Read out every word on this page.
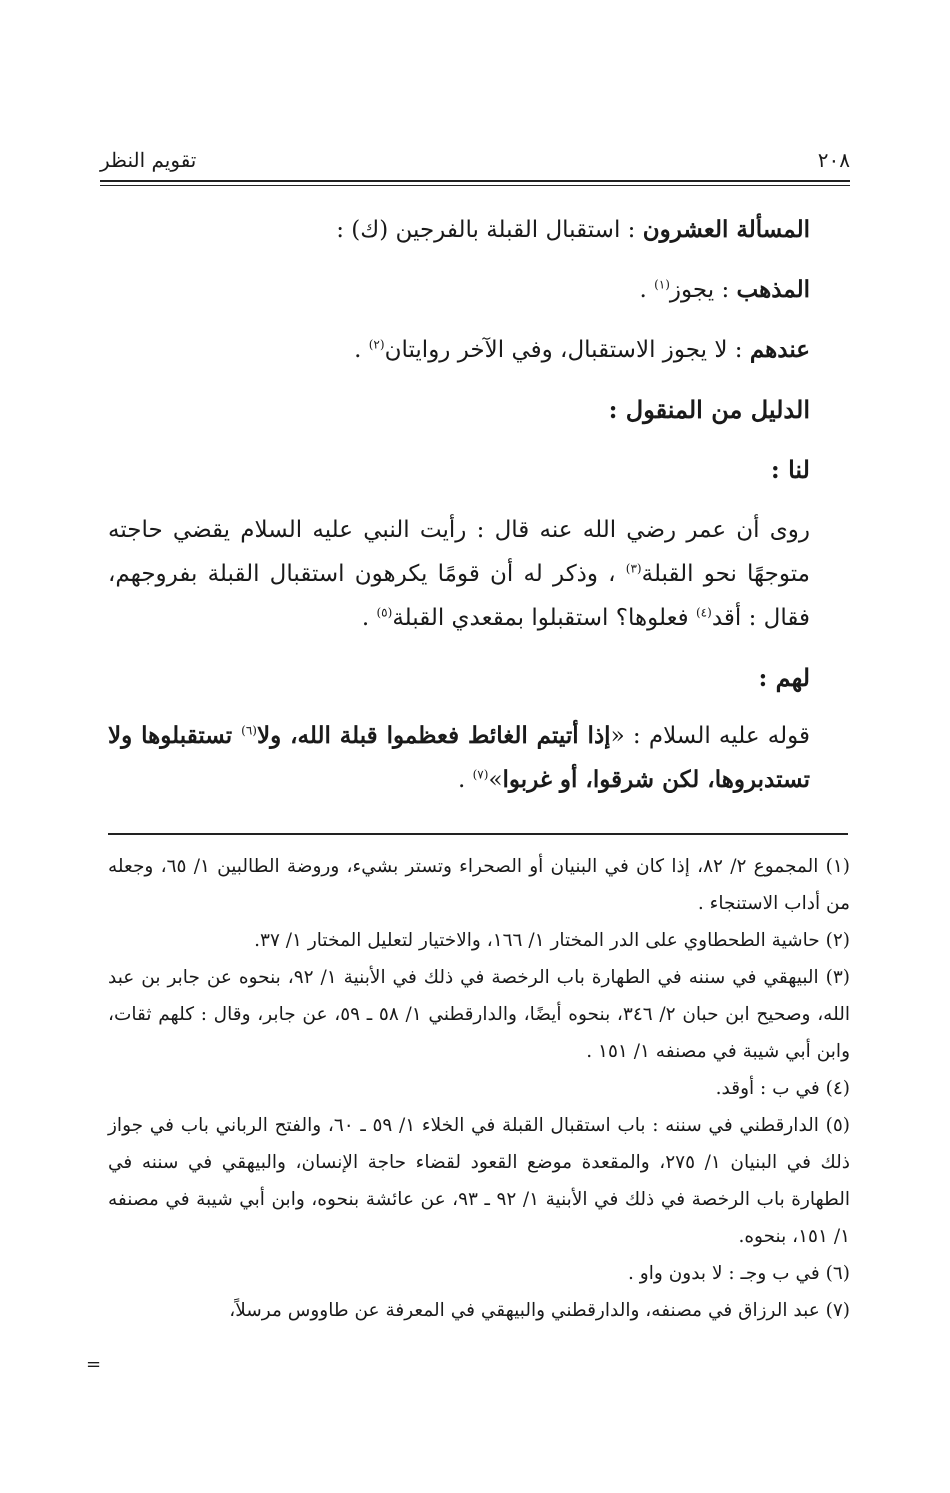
٢٠٨
تقويم النظر
المسألة العشرون : استقبال القبلة بالفرجين (ك) :
المذهب : يجوز$^{(١)}$ .
عندهم : لا يجوز الاستقبال، وفي الآخر روايتان$^{(٢)}$ .
الدليل من المنقول :
لنا :
روى أن عمر رضي الله عنه قال : رأيت النبي عليه السلام يقضي حاجته متوجهًا نحو القبلة$^{(٣)}$ ، وذكر له أن قومًا يكرهون استقبال القبلة بفروجهم، فقال : أقد$^{(٤)}$ فعلوها؟ استقبلوا بمقعدي القبلة$^{(٥)}$ .
لهم :
قوله عليه السلام : «إذا أتيتم الغائط فعظموا قبلة الله، ولا$^{(٦)}$ تستقبلوها ولا تستدبروها، لكن شرقوا، أو غربوا»$^{(٧)}$ .
(١) المجموع ٢/ ٨٢، إذا كان في البنيان أو الصحراء وتستر بشيء، وروضة الطالبين ١/ ٦٥، وجعله من أداب الاستنجاء .
(٢) حاشية الطحطاوي على الدر المختار ١/ ١٦٦، والاختيار لتعليل المختار ١/ ٣٧.
(٣) البيهقي في سننه في الطهارة باب الرخصة في ذلك في الأبنية ١/ ٩٢، بنحوه عن جابر بن عبد الله، وصحيح ابن حبان ٢/ ٣٤٦، بنحوه أيضًا، والدارقطني ١/ ٥٨ ـ ٥٩، عن جابر، وقال : كلهم ثقات، وابن أبي شيبة في مصنفه ١/ ١٥١ .
(٤) في ب : أوقد.
(٥) الدارقطني في سننه : باب استقبال القبلة في الخلاء ١/ ٥٩ ـ ٦٠، والفتح الرباني باب في جواز ذلك في البنيان ١/ ٢٧٥، والمقعدة موضع القعود لقضاء حاجة الإنسان، والبيهقي في سننه في الطهارة باب الرخصة في ذلك في الأبنية ١/ ٩٢ ـ ٩٣، عن عائشة بنحوه، وابن أبي شيبة في مصنفه ١/ ١٥١، بنحوه.
(٦) في ب وجـ : لا بدون واو .
(٧) عبد الرزاق في مصنفه، والدارقطني والبيهقي في المعرفة عن طاووس مرسلاً،
=
